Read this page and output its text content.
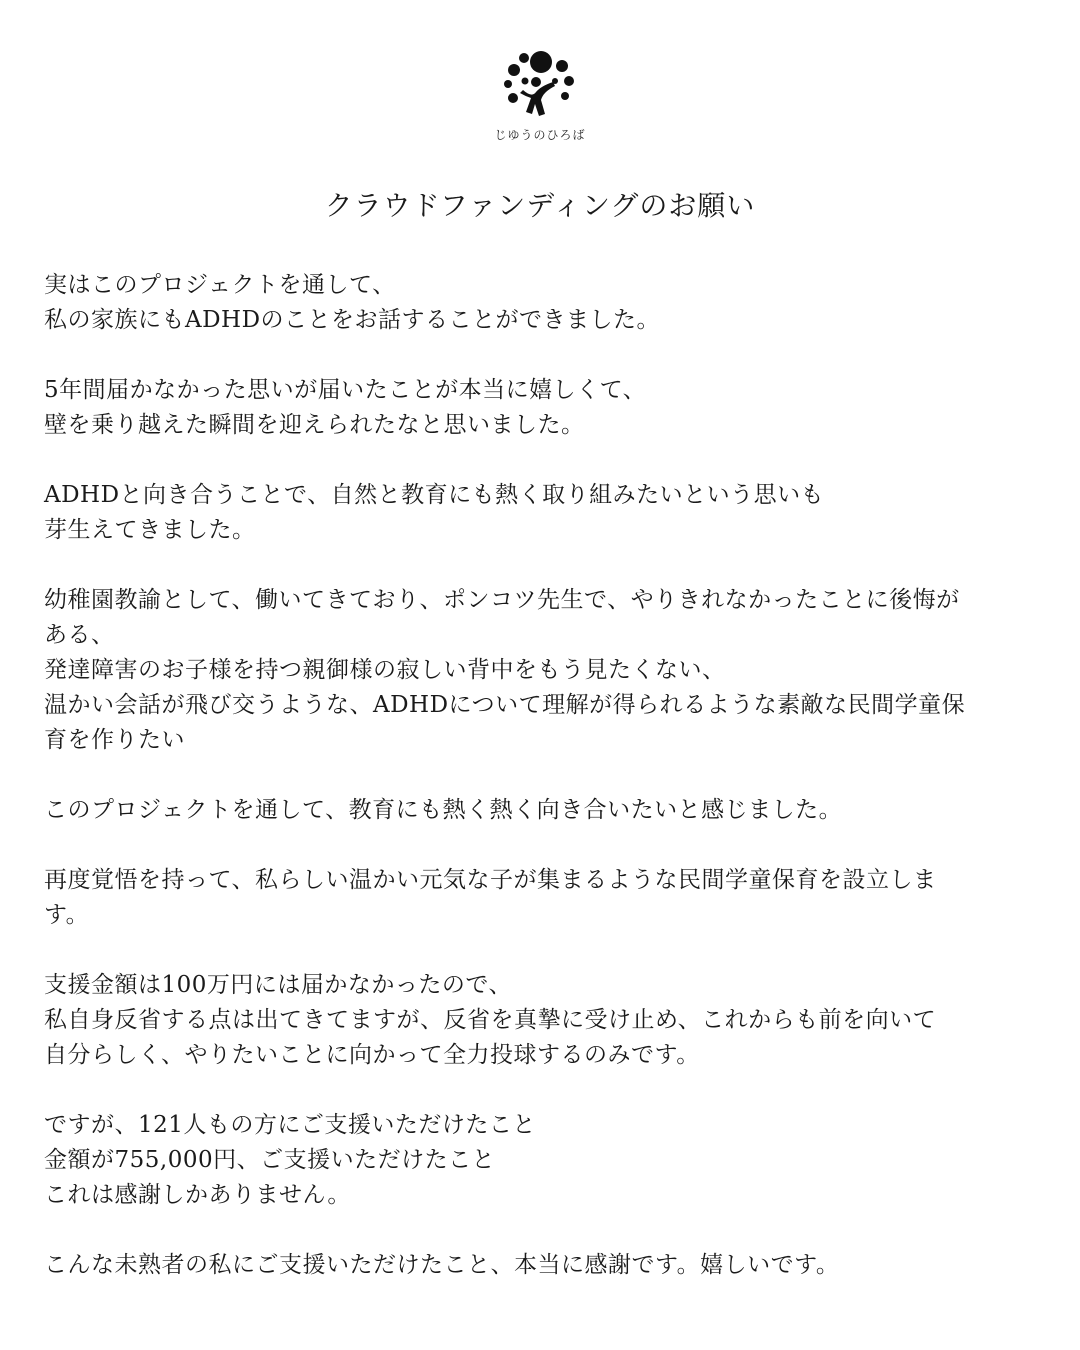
じゆうのひろば
クラウドファンディングのお願い
実はこのプロジェクトを通して、
私の家族にもADHDのことをお話することができました。
5年間届かなかった思いが届いたことが本当に嬉しくて、
壁を乗り越えた瞬間を迎えられたなと思いました。
ADHDと向き合うことで、自然と教育にも熱く取り組みたいという思いも
芽生えてきました。
幼稚園教諭として、働いてきており、ポンコツ先生で、やりきれなかったことに後悔が
ある、
発達障害のお子様を持つ親御様の寂しい背中をもう見たくない、
温かい会話が飛び交うような、ADHDについて理解が得られるような素敵な民間学童保
育を作りたい
このプロジェクトを通して、教育にも熱く熱く向き合いたいと感じました。
再度覚悟を持って、私らしい温かい元気な子が集まるような民間学童保育を設立しま
す。
支援金額は100万円には届かなかったので、
私自身反省する点は出てきてますが、反省を真摯に受け止め、これからも前を向いて
自分らしく、やりたいことに向かって全力投球するのみです。
ですが、121人もの方にご支援いただけたこと
金額が755,000円、ご支援いただけたこと
これは感謝しかありません。
こんな未熟者の私にご支援いただけたこと、本当に感謝です。嬉しいです。
